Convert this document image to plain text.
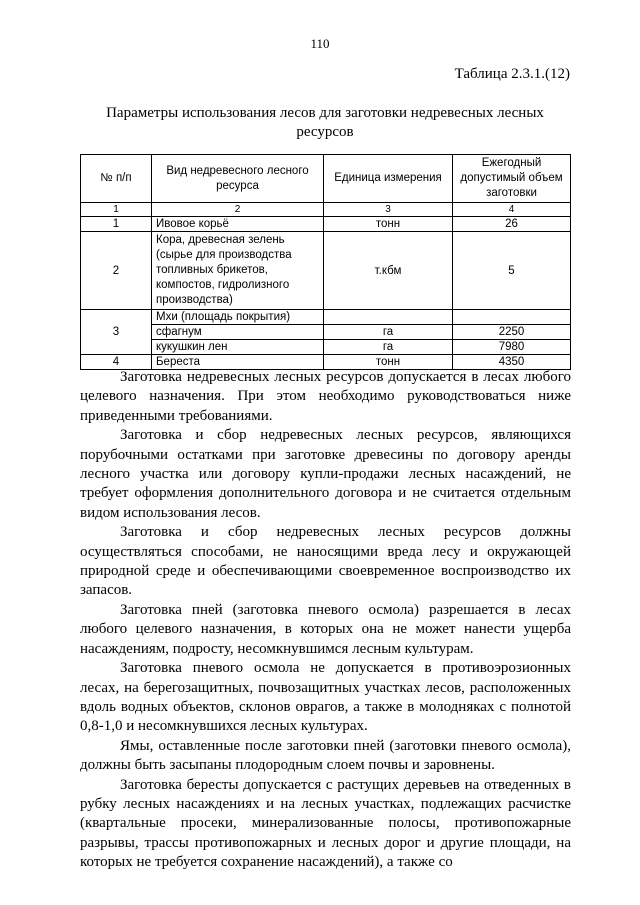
110
Таблица 2.3.1.(12)
Параметры использования лесов для заготовки недревесных лесных ресурсов
№ п/п	Вид недревесного лесного ресурса	Единица измерения	Ежегодный допустимый объем заготовки
1	2	3	4
1	Ивовое корьё	тонн	26
2	Кора, древесная зелень (сырье для производства топливных брикетов, компостов, гидролизного производства)	т.кбм	5
3	Мхи (площадь покрытия)		
	сфагнум	га	2250
	кукушкин лен	га	7980
4	Береста	тонн	4350

Заготовка недревесных лесных ресурсов допускается в лесах любого целевого назначения. При этом необходимо руководствоваться ниже приведенными требованиями.

Заготовка и сбор недревесных лесных ресурсов, являющихся порубочными остатками при заготовке древесины по договору аренды лесного участка или договору купли-продажи лесных насаждений, не требует оформления дополнительного договора и не считается отдельным видом использования лесов.

Заготовка и сбор недревесных лесных ресурсов должны осуществляться способами, не наносящими вреда лесу и окружающей природной среде и обеспечивающими своевременное воспроизводство их запасов.

Заготовка пней (заготовка пневого осмола) разрешается в лесах любого целевого назначения, в которых она не может нанести ущерба насаждениям, подросту, несомкнувшимся лесным культурам.

Заготовка пневого осмола не допускается в противоэрозионных лесах, на берегозащитных, почвозащитных участках лесов, расположенных вдоль водных объектов, склонов оврагов, а также в молодняках с полнотой 0,8-1,0 и несомкнувшихся лесных культурах.

Ямы, оставленные после заготовки пней (заготовки пневого осмола), должны быть засыпаны плодородным слоем почвы и заровнены.

Заготовка бересты допускается с растущих деревьев на отведенных в рубку лесных насаждениях и на лесных участках, подлежащих расчистке (квартальные просеки, минерализованные полосы, противопожарные разрывы, трассы противопожарных и лесных дорог и другие площади, на которых не требуется сохранение насаждений), а также со
